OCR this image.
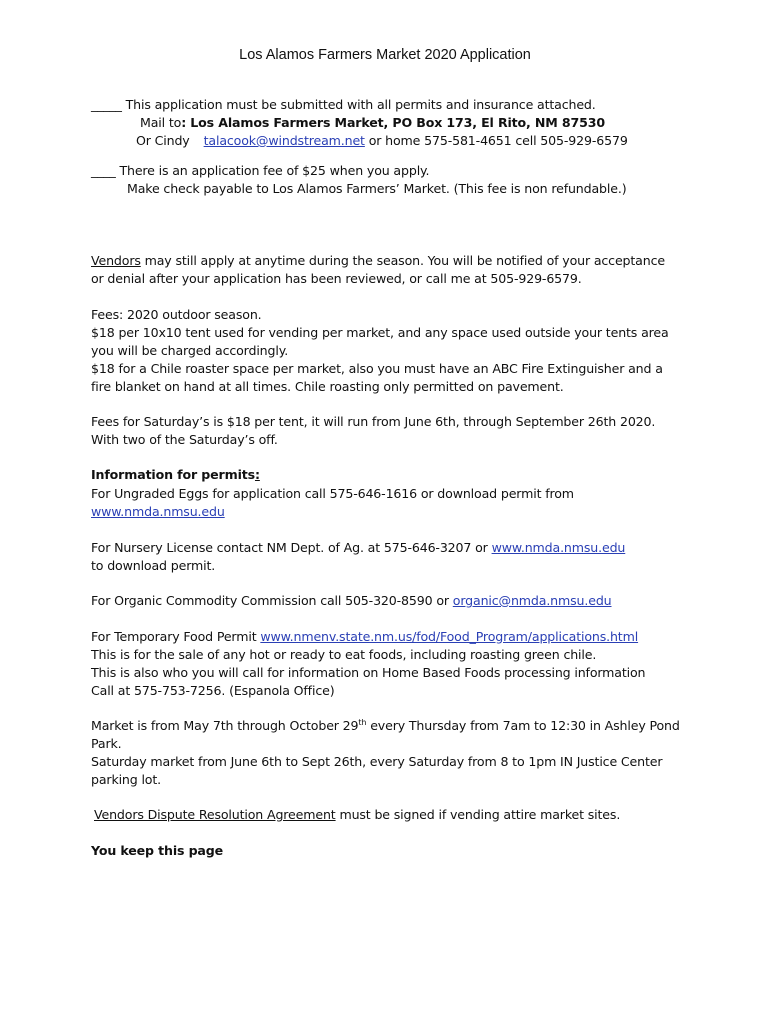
Los Alamos Farmers Market 2020 Application
_____ This application must be submitted with all permits and insurance attached.
Mail to: Los Alamos Farmers Market, PO Box 173, El Rito, NM 87530
Or Cindy talacook@windstream.net or home 575-581-4651 cell 505-929-6579
____ There is an application fee of $25 when you apply.
Make check payable to Los Alamos Farmers’ Market. (This fee is non refundable.)
Vendors may still apply at anytime during the season. You will be notified of your acceptance
or denial after your application has been reviewed, or call me at 505-929-6579.
Fees: 2020 outdoor season.
$18 per 10x10 tent used for vending per market, and any space used outside your tents area
you will be charged accordingly.
$18 for a Chile roaster space per market, also you must have an ABC Fire Extinguisher and a
fire blanket on hand at all times. Chile roasting only permitted on pavement.
Fees for Saturday’s is $18 per tent, it will run from June 6th, through September 26th 2020.
With two of the Saturday’s off.
Information for permits:
For Ungraded Eggs for application call 575-646-1616 or download permit from
www.nmda.nmsu.edu
For Nursery License contact NM Dept. of Ag. at 575-646-3207 or www.nmda.nmsu.edu
to download permit.
For Organic Commodity Commission call 505-320-8590 or organic@nmda.nmsu.edu
For Temporary Food Permit www.nmenv.state.nm.us/fod/Food_Program/applications.html
This is for the sale of any hot or ready to eat foods, including roasting green chile.
This is also who you will call for information on Home Based Foods processing information
Call at 575-753-7256. (Espanola Office)
Market is from May 7th through October 29th every Thursday from 7am to 12:30 in Ashley Pond
Park.
Saturday market from June 6th to Sept 26th, every Saturday from 8 to 1pm IN Justice Center
parking lot.
Vendors Dispute Resolution Agreement must be signed if vending attire market sites.
You keep this page
